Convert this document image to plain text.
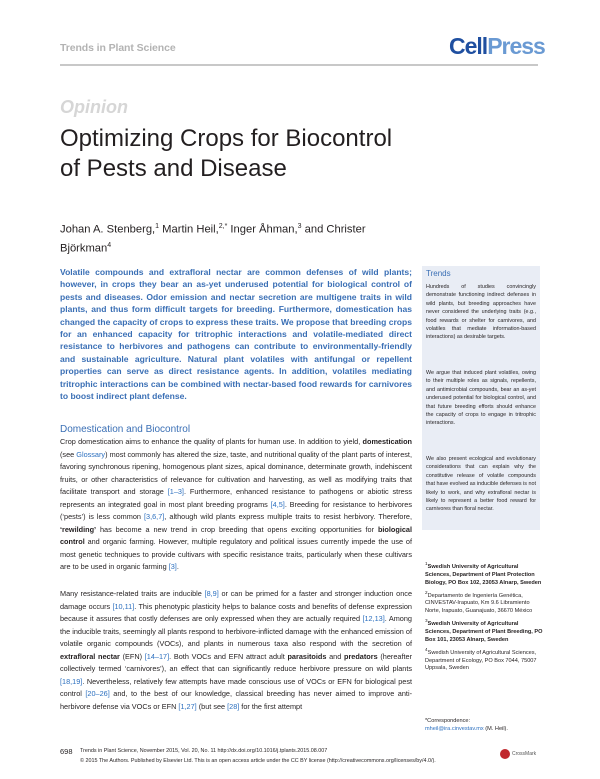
Trends in Plant Science	CellPress
Opinion
Optimizing Crops for Biocontrol of Pests and Disease
Johan A. Stenberg,$^1$ Martin Heil,$^{2,*}$ Inger Åhman,$^3$ and Christer Björkman$^4$
Volatile compounds and extrafloral nectar are common defenses of wild plants; however, in crops they bear an as-yet underused potential for biological control of pests and diseases. Odor emission and nectar secretion are multigene traits in wild plants, and thus form difficult targets for breeding. Furthermore, domestication has changed the capacity of crops to express these traits. We propose that breeding crops for an enhanced capacity for tritrophic interactions and volatile-mediated direct resistance to herbivores and pathogens can contribute to environmentally-friendly and sustainable agriculture. Natural plant volatiles with antifungal or repellent properties can serve as direct resistance agents. In addition, volatiles mediating tritrophic interactions can be combined with nectar-based food rewards for carnivores to boost indirect plant defense.
Domestication and Biocontrol
Crop domestication aims to enhance the quality of plants for human use. In addition to yield, domestication (see Glossary) most commonly has altered the size, taste, and nutritional quality of the plant parts of interest, favoring synchronous ripening, homogenous plant sizes, apical dominance, determinate growth, indehiscent fruits, or other characteristics of relevance for cultivation and harvesting, as well as modifying traits that facilitate transport and storage [1–3]. Furthermore, enhanced resistance to pathogens or abiotic stress represents an integrated goal in most plant breeding programs [4,5]. Breeding for resistance to herbivores (‘pests’) is less common [3,6,7], although wild plants express multiple traits to resist herbivory. Therefore, ‘rewilding’ has become a new trend in crop breeding that opens exciting opportunities for biological control and organic farming. However, multiple regulatory and political issues currently impede the use of most genetic techniques to provide cultivars with specific resistance traits, particularly when these cultivars are to be used in organic farming [3].
Many resistance-related traits are inducible [8,9] or can be primed for a faster and stronger induction once damage occurs [10,11]. This phenotypic plasticity helps to balance costs and benefits of defense expression because it assures that costly defenses are only expressed when they are actually required [12,13]. Among the inducible traits, seemingly all plants respond to herbivore-inflicted damage with the enhanced emission of volatile organic compounds (VOCs), and plants in numerous taxa also respond with the secretion of extrafloral nectar (EFN) [14–17]. Both VOCs and EFN attract adult parasitoids and predators (hereafter collectively termed ‘carnivores’), an effect that can significantly reduce herbivore pressure on wild plants [18,19]. Nevertheless, relatively few attempts have made conscious use of VOCs or EFN for biological pest control [20–26] and, to the best of our knowledge, classical breeding has never aimed to improve anti-herbivore defense via VOCs or EFN [1,27] (but see [28] for the first attempt
Trends
Hundreds of studies convincingly demonstrate functioning indirect defenses in wild plants, but breeding approaches have never considered the underlying traits (e.g., food rewards or shelter for carnivores, and volatiles that mediate information-based interactions) as desirable targets.
We argue that induced plant volatiles, owing to their multiple roles as signals, repellents, and antimicrobial compounds, bear an as-yet underused potential for biological control, and that future breeding efforts should enhance the capacity of crops to engage in tritrophic interactions.
We also present ecological and evolutionary considerations that can explain why the constitutive release of volatile compounds that have evolved as inducible defenses is not likely to work, and why extrafloral nectar is likely to represent a better food reward for carnivores than floral nectar.
$^1$Swedish University of Agricultural Sciences, Department of Plant Protection Biology, PO Box 102, 23053 Alnarp, Sweden
$^2$Departamento de Ingeniería Genética, CINVESTAV-Irapuato, Km 9.6 Libramiento Norte, Irapuato, Guanajuato, 36670 México
$^3$Swedish University of Agricultural Sciences, Department of Plant Breeding, PO Box 101, 23053 Alnarp, Sweden
$^4$Swedish University of Agricultural Sciences, Department of Ecology, PO Box 7044, 75007 Uppsala, Sweden
*Correspondence:
mheil@ira.cinvestav.mx (M. Heil).
698 Trends in Plant Science, November 2015, Vol. 20, No. 11 http://dx.doi.org/10.1016/j.tplants.2015.08.007
© 2015 The Authors. Published by Elsevier Ltd. This is an open access article under the CC BY license (http://creativecommons.org/licenses/by/4.0/).
CrossMark
